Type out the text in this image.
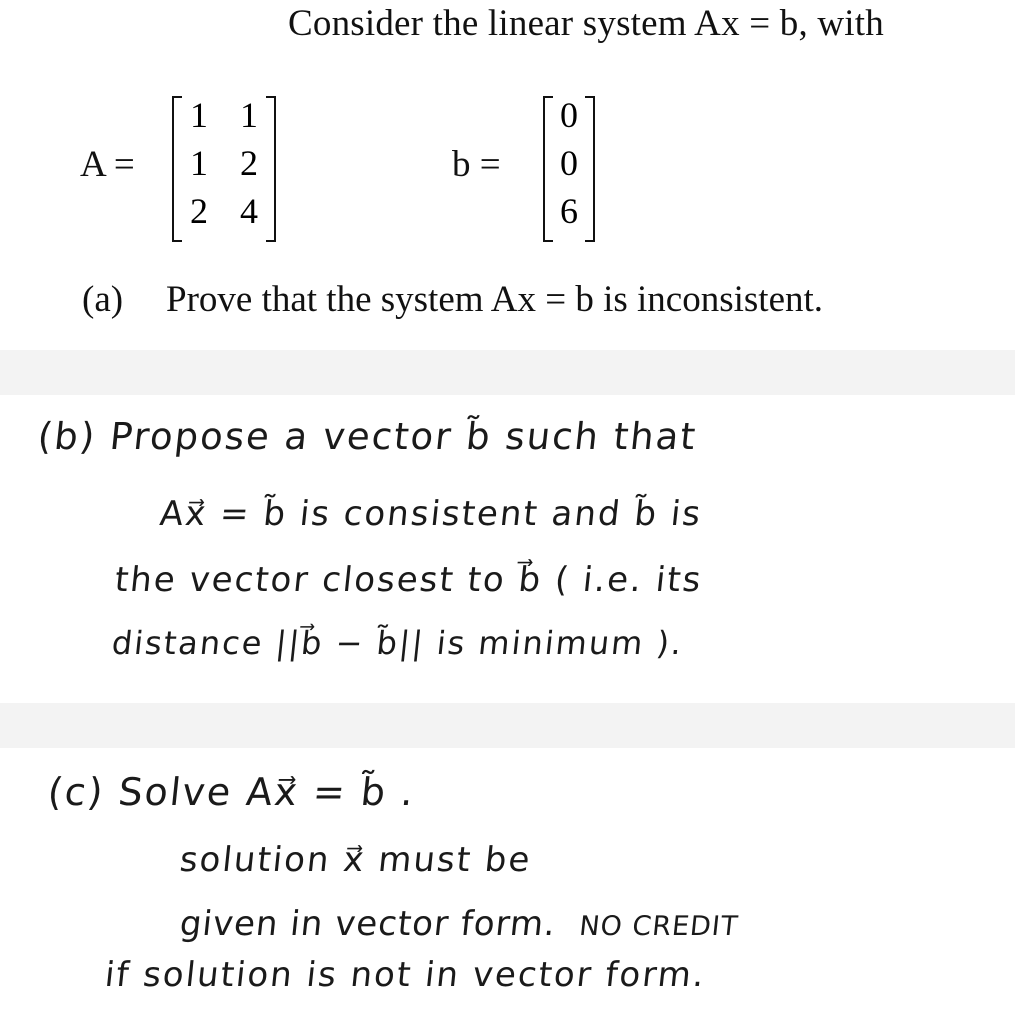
Consider the linear system Ax = b, with
A =
1 1
1 2
2 4
b =
0
0
6
(a) Prove that the system Ax = b is inconsistent.
(b) Propose a vector b̃ such that
Ax⃗ = b̃ is consistent and b̃ is
the vector closest to b⃗ ( i.e. its
distance ||b⃗ − b̃|| is minimum ).
(c) Solve Ax⃗ = b̃ .
solution x⃗ must be
given in vector form. NO CREDIT
if solution is not in vector form.
